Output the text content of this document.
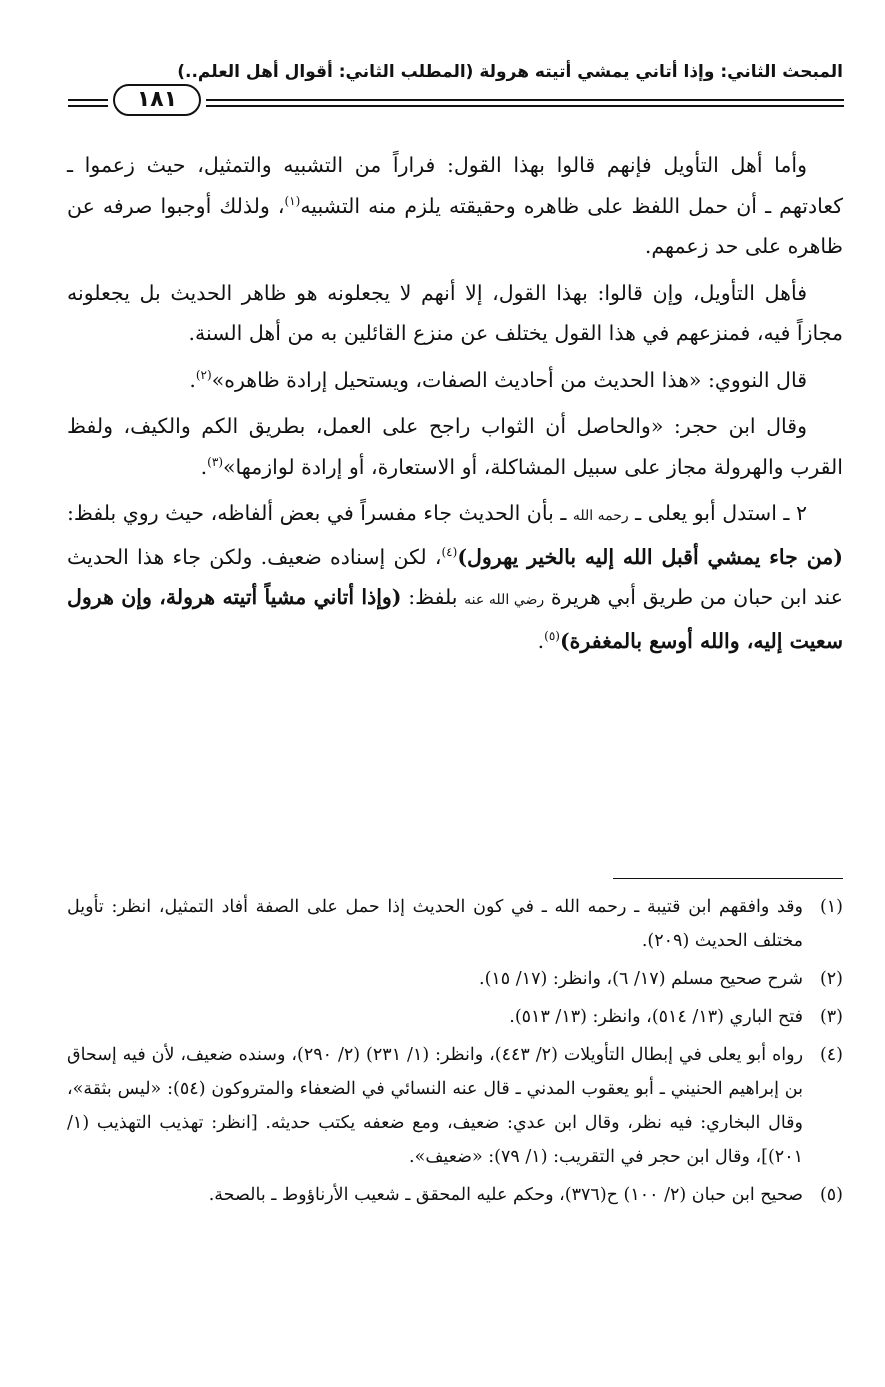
المبحث الثاني: وإذا أتاني يمشي أتيته هرولة (المطلب الثاني: أقوال أهل العلم..)
١٨١

وأما أهل التأويل فإنهم قالوا بهذا القول: فراراً من التشبيه والتمثيل، حيث زعموا ـ كعادتهم ـ أن حمل اللفظ على ظاهره وحقيقته يلزم منه التشبيه$^{(١)}$، ولذلك أوجبوا صرفه عن ظاهره على حد زعمهم.

فأهل التأويل، وإن قالوا: بهذا القول، إلا أنهم لا يجعلونه هو ظاهر الحديث بل يجعلونه مجازاً فيه، فمنزعهم في هذا القول يختلف عن منزع القائلين به من أهل السنة.

قال النووي: «هذا الحديث من أحاديث الصفات، ويستحيل إرادة ظاهره»$^{(٢)}$.

وقال ابن حجر: «والحاصل أن الثواب راجح على العمل، بطريق الكم والكيف، ولفظ القرب والهرولة مجاز على سبيل المشاكلة، أو الاستعارة، أو إرادة لوازمها»$^{(٣)}$.

٢ ـ استدل أبو يعلى ـ رحمه الله ـ بأن الحديث جاء مفسراً في بعض ألفاظه، حيث روي بلفظ: (من جاء يمشي أقبل الله إليه بالخير يهرول)$^{(٤)}$، لكن إسناده ضعيف. ولكن جاء هذا الحديث عند ابن حبان من طريق أبي هريرة رضي الله عنه بلفظ: (وإذا أتاني مشياً أتيته هرولة، وإن هرول سعيت إليه، والله أوسع بالمغفرة)$^{(٥)}$.

(١)
وقد وافقهم ابن قتيبة ـ رحمه الله ـ في كون الحديث إذا حمل على الصفة أفاد التمثيل، انظر: تأويل مختلف الحديث (٢٠٩).
(٢)
شرح صحيح مسلم (١٧/ ٦)، وانظر: (١٧/ ١٥).
(٣)
فتح الباري (١٣/ ٥١٤)، وانظر: (١٣/ ٥١٣).
(٤)
رواه أبو يعلى في إبطال التأويلات (٢/ ٤٤٣)، وانظر: (١/ ٢٣١) (٢/ ٢٩٠)، وسنده ضعيف، لأن فيه إسحاق بن إبراهيم الحنيني ـ أبو يعقوب المدني ـ قال عنه النسائي في الضعفاء والمتروكون (٥٤): «ليس بثقة»، وقال البخاري: فيه نظر، وقال ابن عدي: ضعيف، ومع ضعفه يكتب حديثه. [انظر: تهذيب التهذيب (١/ ٢٠١)]، وقال ابن حجر في التقريب: (١/ ٧٩): «ضعيف».
(٥)
صحيح ابن حبان (٢/ ١٠٠) ح(٣٧٦)، وحكم عليه المحقق ـ شعيب الأرناؤوط ـ بالصحة.
